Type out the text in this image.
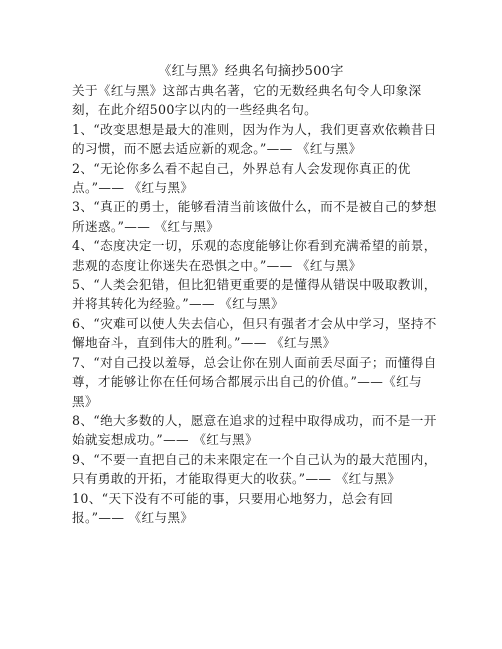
《红与黑》经典名句摘抄500字

关于《红与黑》这部古典名著，它的无数经典名句令人印象深刻，在此介绍500字以内的一些经典名句。

1、“改变思想是最大的准则，因为作为人，我们更喜欢依赖昔日的习惯，而不愿去适应新的观念。”—— 《红与黑》

2、“无论你多么看不起自己，外界总有人会发现你真正的优点。”—— 《红与黑》

3、“真正的勇士，能够看清当前该做什么，而不是被自己的梦想所迷惑。”—— 《红与黑》

4、“态度决定一切，乐观的态度能够让你看到充满希望的前景，悲观的态度让你迷失在恐惧之中。”—— 《红与黑》

5、“人类会犯错，但比犯错更重要的是懂得从错误中吸取教训，并将其转化为经验。”—— 《红与黑》

6、“灾难可以使人失去信心，但只有强者才会从中学习，坚持不懈地奋斗，直到伟大的胜利。”—— 《红与黑》

7、“对自己投以羞辱，总会让你在别人面前丢尽面子；而懂得自尊，才能够让你在任何场合都展示出自己的价值。”——《红与黑》

8、“绝大多数的人，愿意在追求的过程中取得成功，而不是一开始就妄想成功。”—— 《红与黑》

9、“不要一直把自己的未来限定在一个自己认为的最大范围内，只有勇敢的开拓，才能取得更大的收获。”—— 《红与黑》

10、“天下没有不可能的事，只要用心地努力，总会有回报。”—— 《红与黑》
